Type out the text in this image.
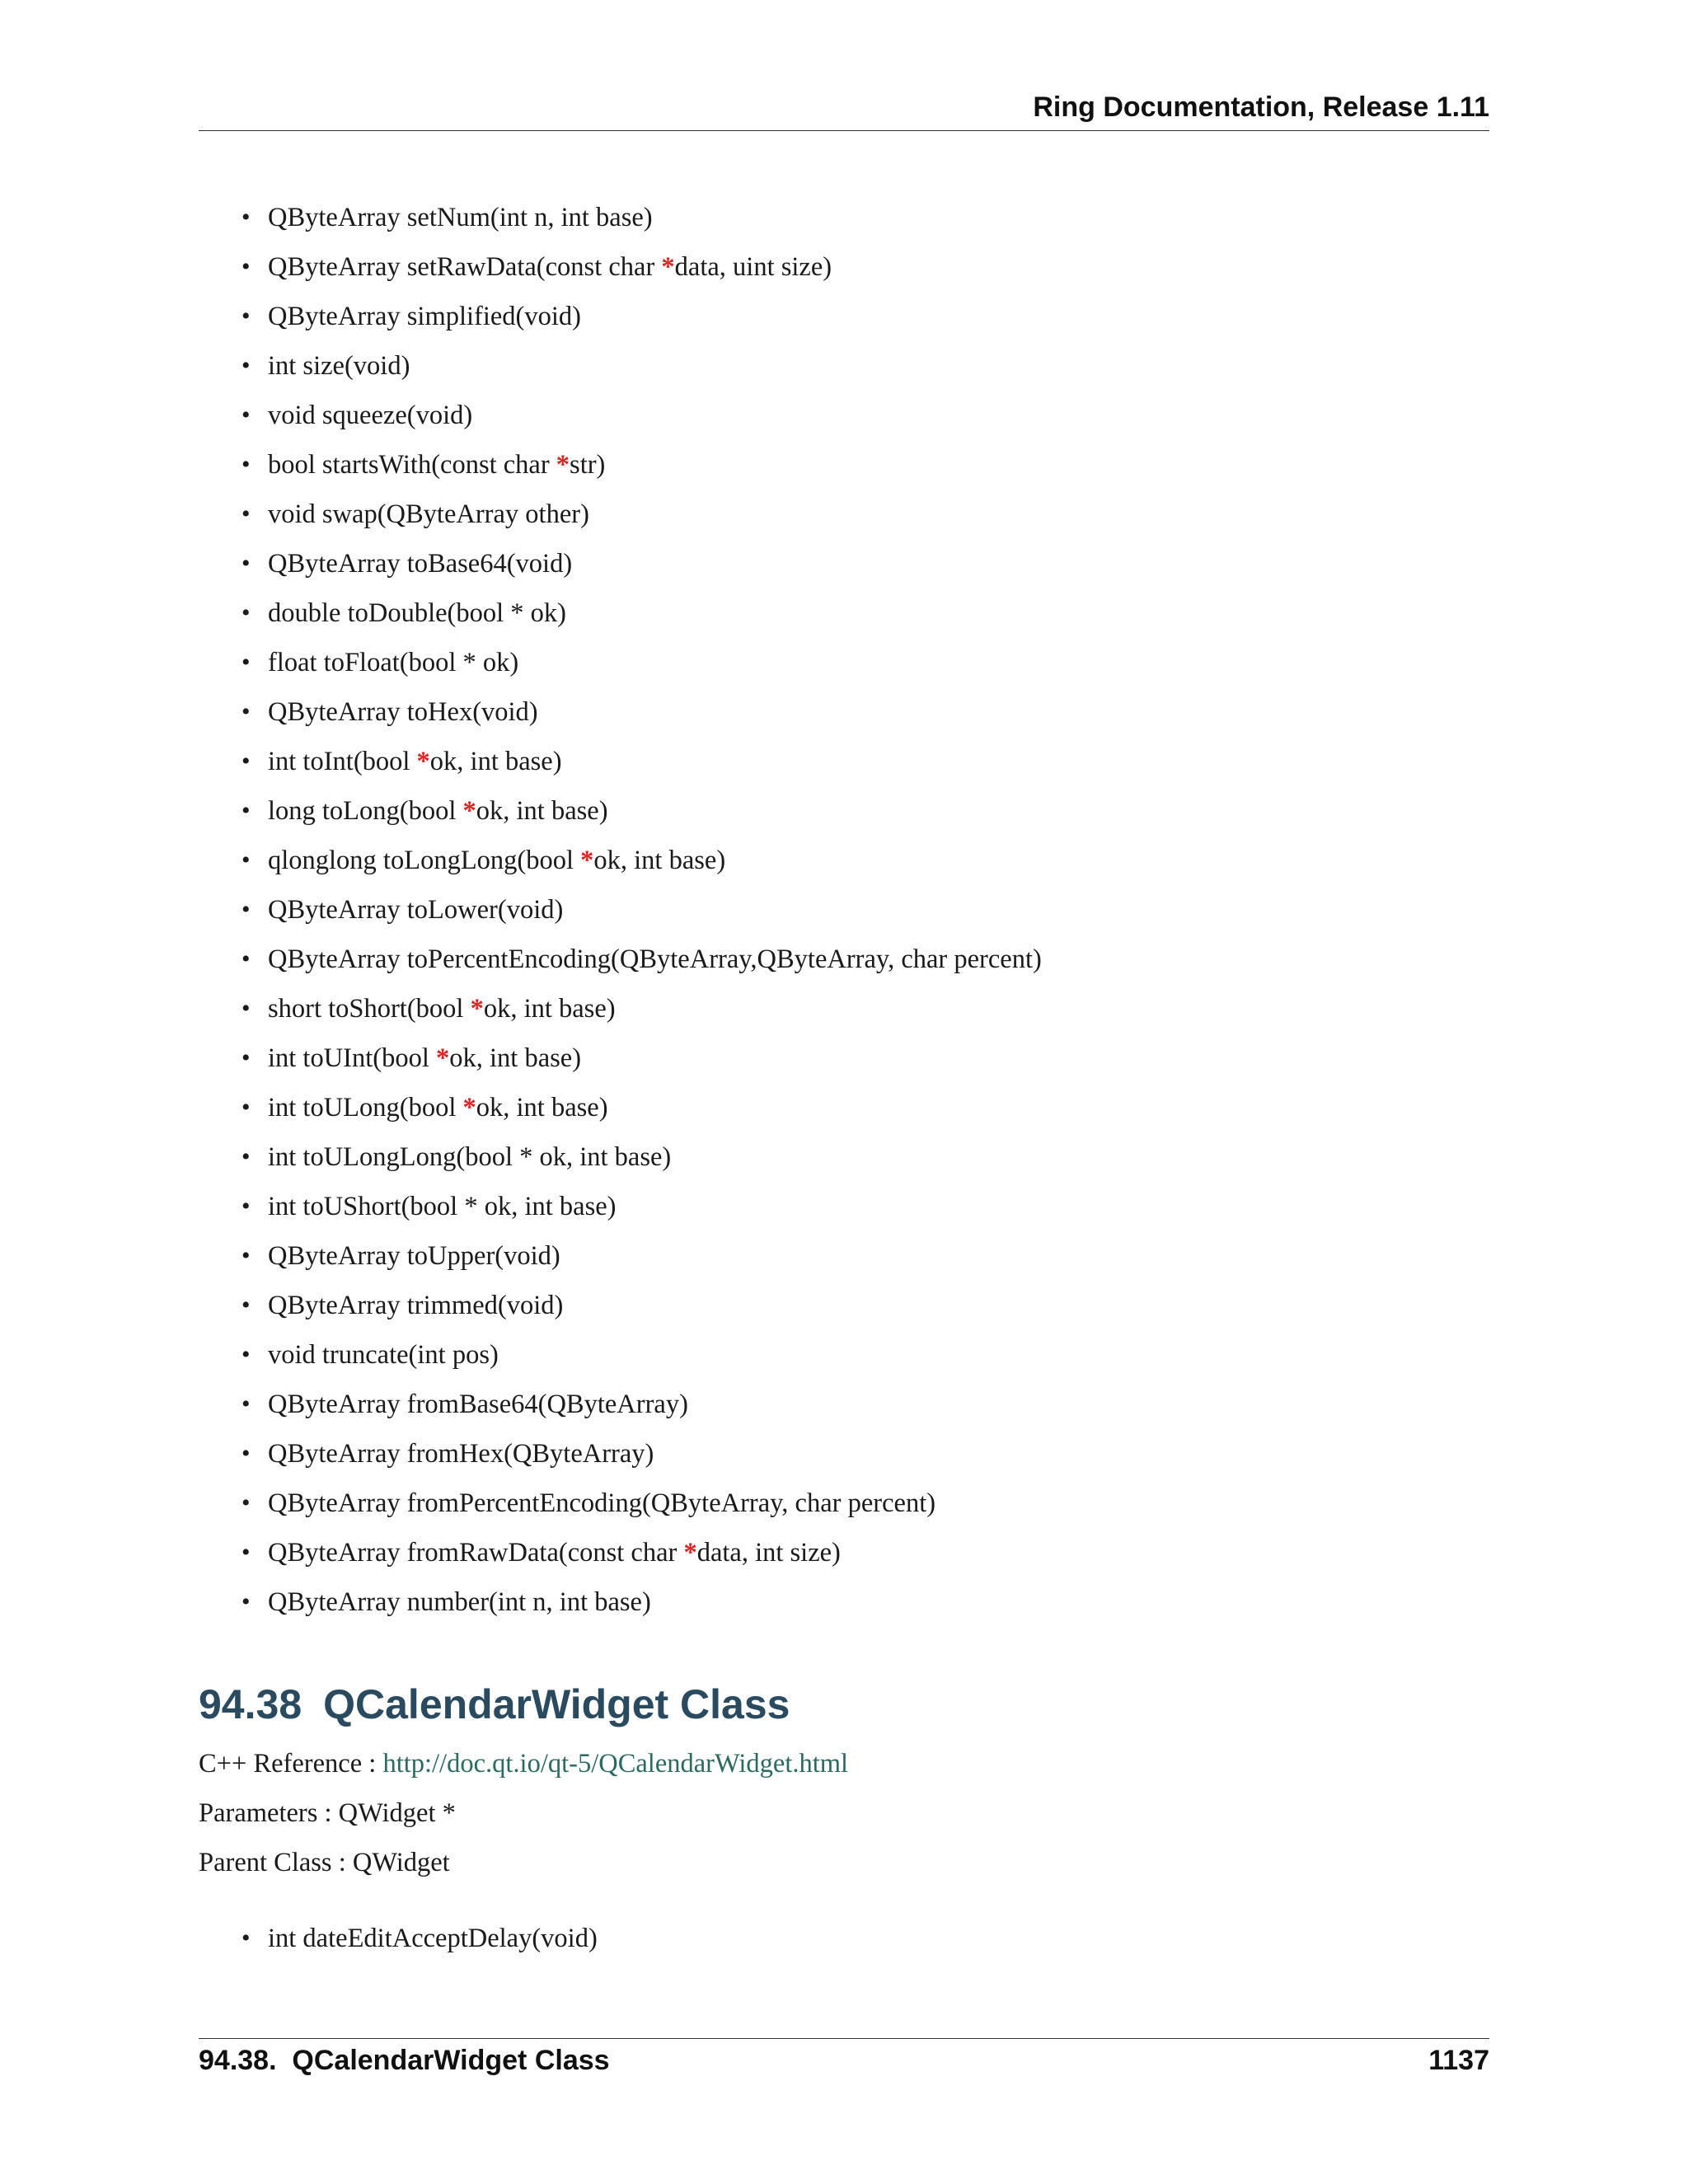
Ring Documentation, Release 1.11
• QByteArray setNum(int n, int base)
• QByteArray setRawData(const char *data, uint size)
• QByteArray simplified(void)
• int size(void)
• void squeeze(void)
• bool startsWith(const char *str)
• void swap(QByteArray other)
• QByteArray toBase64(void)
• double toDouble(bool * ok)
• float toFloat(bool * ok)
• QByteArray toHex(void)
• int toInt(bool *ok, int base)
• long toLong(bool *ok, int base)
• qlonglong toLongLong(bool *ok, int base)
• QByteArray toLower(void)
• QByteArray toPercentEncoding(QByteArray,QByteArray, char percent)
• short toShort(bool *ok, int base)
• int toUInt(bool *ok, int base)
• int toULong(bool *ok, int base)
• int toULongLong(bool * ok, int base)
• int toUShort(bool * ok, int base)
• QByteArray toUpper(void)
• QByteArray trimmed(void)
• void truncate(int pos)
• QByteArray fromBase64(QByteArray)
• QByteArray fromHex(QByteArray)
• QByteArray fromPercentEncoding(QByteArray, char percent)
• QByteArray fromRawData(const char *data, int size)
• QByteArray number(int n, int base)
94.38 QCalendarWidget Class
C++ Reference : http://doc.qt.io/qt-5/QCalendarWidget.html
Parameters : QWidget *
Parent Class : QWidget
• int dateEditAcceptDelay(void)
94.38.  QCalendarWidget Class	1137
